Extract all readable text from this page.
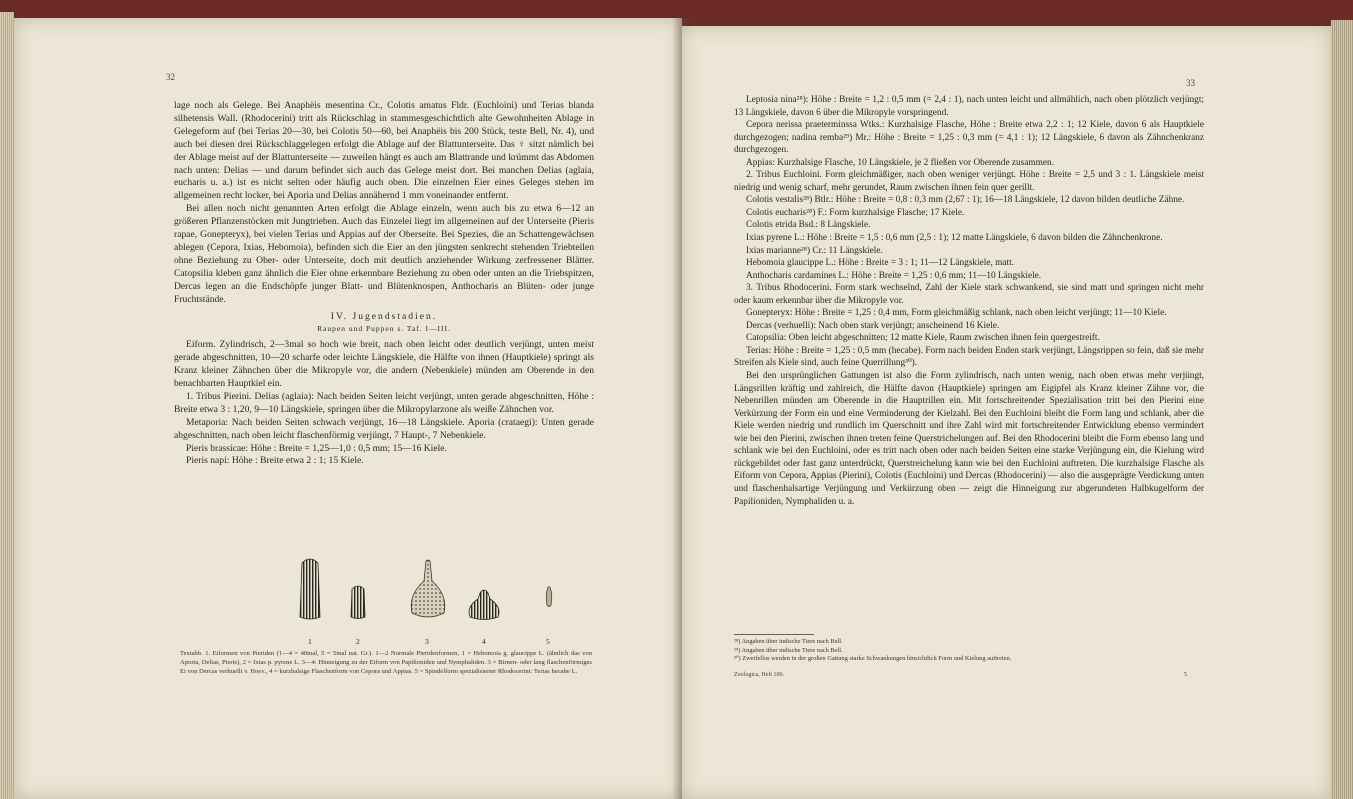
32

lage noch als Gelege. Bei Anaphëis mesentina Cr., Colotis amatus Fldr. (Euchloini) und Terias blanda silhetensis Wall. (Rhodocerini) tritt als Rückschlag in stammesgeschichtlich alte Gewohnheiten Ablage in Gelegeform auf (bei Terias 20—30, bei Colotis 50—60, bei Anaphëis bis 200 Stück, teste Bell, Nr. 4), und auch bei diesen drei Rückschlaggelegen erfolgt die Ablage auf der Blattunterseite. Das ♀ sitzt nämlich bei der Ablage meist auf der Blattunterseite — zuweilen hängt es auch am Blattrande und krümmt das Abdomen nach unten: Delias — und darum befindet sich auch das Gelege meist dort. Bei manchen Delias (aglaia, eucharis u. a.) ist es nicht selten oder häufig auch oben. Die einzelnen Eier eines Geleges stehen im allgemeinen recht locker, bei Aporia und Delias annähernd 1 mm voneinander entfernt.

Bei allen noch nicht genannten Arten erfolgt die Ablage einzeln, wenn auch bis zu etwa 6—12 an größeren Pflanzenstöcken mit Jungtrieben. Auch das Einzelei liegt im allgemeinen auf der Unterseite (Pieris rapae, Gonepteryx), bei vielen Terias und Appias auf der Oberseite. Bei Spezies, die an Schattengewächsen ablegen (Cepora, Ixias, Hebomoia), befinden sich die Eier an den jüngsten senkrecht stehenden Triebteilen ohne Beziehung zu Ober- oder Unterseite, doch mit deutlich anziehender Wirkung zerfressener Blätter. Catopsilia kleben ganz ähnlich die Eier ohne erkennbare Beziehung zu oben oder unten an die Triebspitzen, Dercas legen an die Endschöpfe junger Blatt- und Blütenknospen, Anthocharis an Blüten- oder junge Fruchtstände.

IV. Jugendstadien.

Raupen und Puppen s. Taf. I—III.

Eiform. Zylindrisch, 2—3mal so hoch wie breit, nach oben leicht oder deutlich verjüngt, unten meist gerade abgeschnitten, 10—20 scharfe oder leichte Längskiele, die Hälfte von ihnen (Hauptkiele) springt als Kranz kleiner Zähnchen über die Mikropyle vor, die andern (Nebenkiele) münden am Oberende in den benachbarten Hauptkiel ein.

1. Tribus Pierini. Delias (aglaia): Nach beiden Seiten leicht verjüngt, unten gerade abgeschnitten, Höhe : Breite etwa 3 : 1,20, 9—10 Längskiele, springen über die Mikropylarzone als weiße Zähnchen vor.

Metaporia: Nach beiden Seiten schwach verjüngt, 16—18 Längskiele. Aporia (crataegi): Unten gerade abgeschnitten, nach oben leicht flaschenförmig verjüngt, 7 Haupt-, 7 Nebenkiele.

Pieris brassicae: Höhe : Breite = 1,25—1,0 : 0,5 mm; 15—16 Kiele.

Pieris napi: Höhe : Breite etwa 2 : 1; 15 Kiele.

1	2	3	4	5
Textabb. 1. Eiformen von Pieriden (1—4 = 40mal, 5 = 5mal nat. Gr.). 1—2 Normale Pieridenformen, 1 = Hebomoia g. glaucippe L. (ähnlich das von Aporia, Delias, Pieris), 2 = Ixias p. pyrene L. 3—4: Hinneigung zu der Eiform von Papilioniden und Nymphaliden. 3 = Birnen- oder lang flaschenförmiges Ei von Dercas verhuelli v. Hoev., 4 = kurzhalsige Flaschenform von Cepora und Appias. 5 = Spindelform spezialisierter Rhodocerini: Terias hecabe L.
33

Leptosia nina²⁸): Höhe : Breite = 1,2 : 0,5 mm (= 2,4 : 1), nach unten leicht und allmählich, nach oben plötzlich verjüngt; 13 Längskiele, davon 6 über die Mikropyle vorspringend.

Cepora nerissa praeterminssa Wtks.: Kurzhalsige Flasche, Höhe : Breite etwa 2,2 : 1; 12 Kiele, davon 6 als Hauptkiele durchgezogen; nadina remba²⁹) Mr.: Höhe : Breite = 1,25 : 0,3 mm (= 4,1 : 1); 12 Längskiele, 6 davon als Zähnchenkranz durchgezogen.

Appias: Kurzhalsige Flasche, 10 Längskiele, je 2 fließen vor Oberende zusammen.

2. Tribus Euchloini. Form gleichmäßiger, nach oben weniger verjüngt. Höhe : Breite = 2,5 und 3 : 1. Längskiele meist niedrig und wenig scharf, mehr gerundet, Raum zwischen ihnen fein quer gerillt.

Colotis vestalis²⁸) Btlr.: Höhe : Breite = 0,8 : 0,3 mm (2,67 : 1); 16—18 Längskiele, 12 davon bilden deutliche Zähne.

Colotis eucharis²⁸) F.: Form kurzhalsige Flasche; 17 Kiele.

Colotis etrida Bsd.: 8 Längskiele.

Ixias pyrene L.: Höhe : Breite = 1,5 : 0,6 mm (2,5 : 1); 12 matte Längskiele, 6 davon bilden die Zähnchenkrone.

Ixias marianne²⁸) Cr.: 11 Längskiele.

Hebomoia glaucippe L.: Höhe : Breite = 3 : 1; 11—12 Längskiele, matt.

Anthocharis cardamines L.: Höhe : Breite = 1,25 : 0,6 mm; 11—10 Längskiele.

3. Tribus Rhodocerini. Form stark wechselnd, Zahl der Kiele stark schwankend, sie sind matt und springen nicht mehr oder kaum erkennbar über die Mikropyle vor.

Gonepteryx: Höhe : Breite = 1,25 : 0,4 mm, Form gleichmäßig schlank, nach oben leicht verjüngt; 11—10 Kiele.

Dercas (verhuelli): Nach oben stark verjüngt; anscheinend 16 Kiele.

Catopsilia: Oben leicht abgeschnitten; 12 matte Kiele, Raum zwischen ihnen fein quergestreift.

Terias: Höhe : Breite = 1,25 : 0,5 mm (hecabe). Form nach beiden Enden stark verjüngt, Längsrippen so fein, daß sie mehr Streifen als Kiele sind, auch feine Querrillung³⁰).

Bei den ursprünglichen Gattungen ist also die Form zylindrisch, nach unten wenig, nach oben etwas mehr verjüngt, Längsrillen kräftig und zahlreich, die Hälfte davon (Hauptkiele) springen am Eigipfel als Kranz kleiner Zähne vor, die Nebenrillen münden am Oberende in die Hauptrillen ein. Mit fortschreitender Spezialisation tritt bei den Pierini eine Verkürzung der Form ein und eine Verminderung der Kielzahl. Bei den Euchloini bleibt die Form lang und schlank, aber die Kiele werden niedrig und rundlich im Querschnitt und ihre Zahl wird mit fortschreitender Entwicklung ebenso vermindert wie bei den Pierini, zwischen ihnen treten feine Querstrichelungen auf. Bei den Rhodocerini bleibt die Form ebenso lang und schlank wie bei den Euchloini, oder es tritt nach oben oder nach beiden Seiten eine starke Verjüngung ein, die Kielung wird rückgebildet oder fast ganz unterdrückt, Querstreichelung kann wie bei den Euchloini auftreten. Die kurzhalsige Flasche als Eiform von Cepora, Appias (Pierini), Colotis (Euchloini) und Dercas (Rhodocerini) — also die ausgeprägte Verdickung unten und flaschenhalsartige Verjüngung und Verkürzung oben — zeigt die Hinneigung zur abgerundeten Halbkugelform der Papilioniden, Nymphaliden u. a.

²⁸) Angaben über indische Tiere nach Bell.
²⁹) Angaben über indische Tiere nach Bell.
³⁰) Zweifellos werden in der großen Gattung starke Schwankungen hinsichtlich Form und Kielung auftreten.
Zoologica, Heft 100.	5
